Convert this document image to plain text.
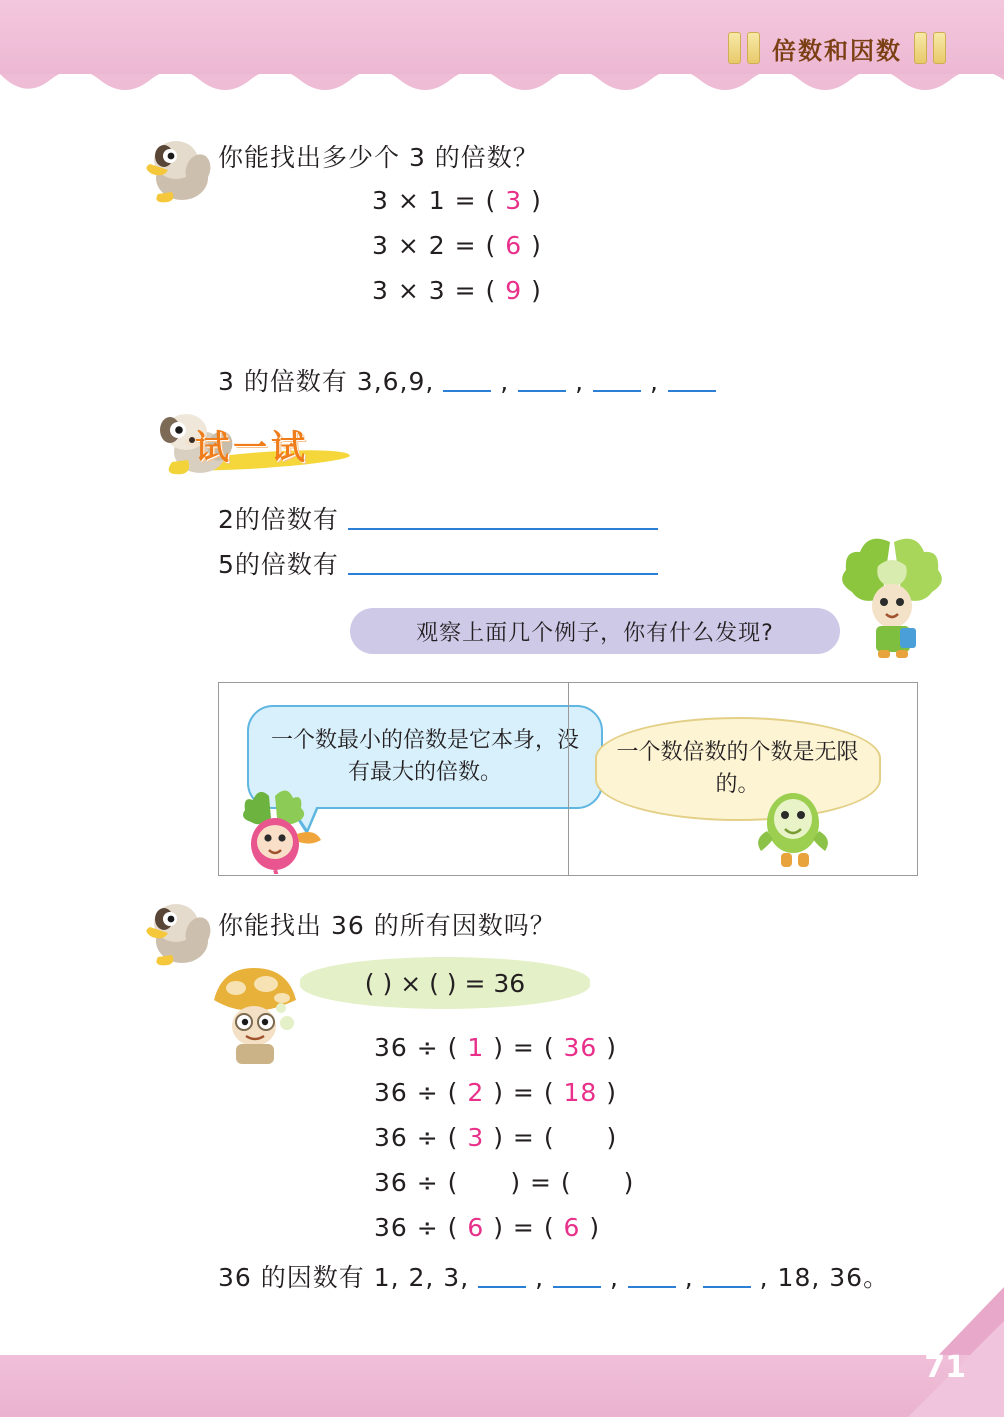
倍数和因数
你能找出多少个 3 的倍数？
3 × 1 = ( 3 )
3 × 2 = ( 6 )
3 × 3 = ( 9 )
3 的倍数有 3,6,9,	,	,	,
试一试
2的倍数有
5的倍数有
观察上面几个例子，你有什么发现?
一个数最小的倍数是它本身，没有最大的倍数。
一个数倍数的个数是无限的。
你能找出 36 的所有因数吗？
( ) × ( ) = 36
36 ÷ ( 1 ) = ( 36 )
36 ÷ ( 2 ) = ( 18 )
36 ÷ ( 3 ) = ( )
36 ÷ ( ) = ( )
36 ÷ ( 6 ) = ( 6 )
36 的因数有 1, 2, 3,	,	,	,	, 18, 36。
71
